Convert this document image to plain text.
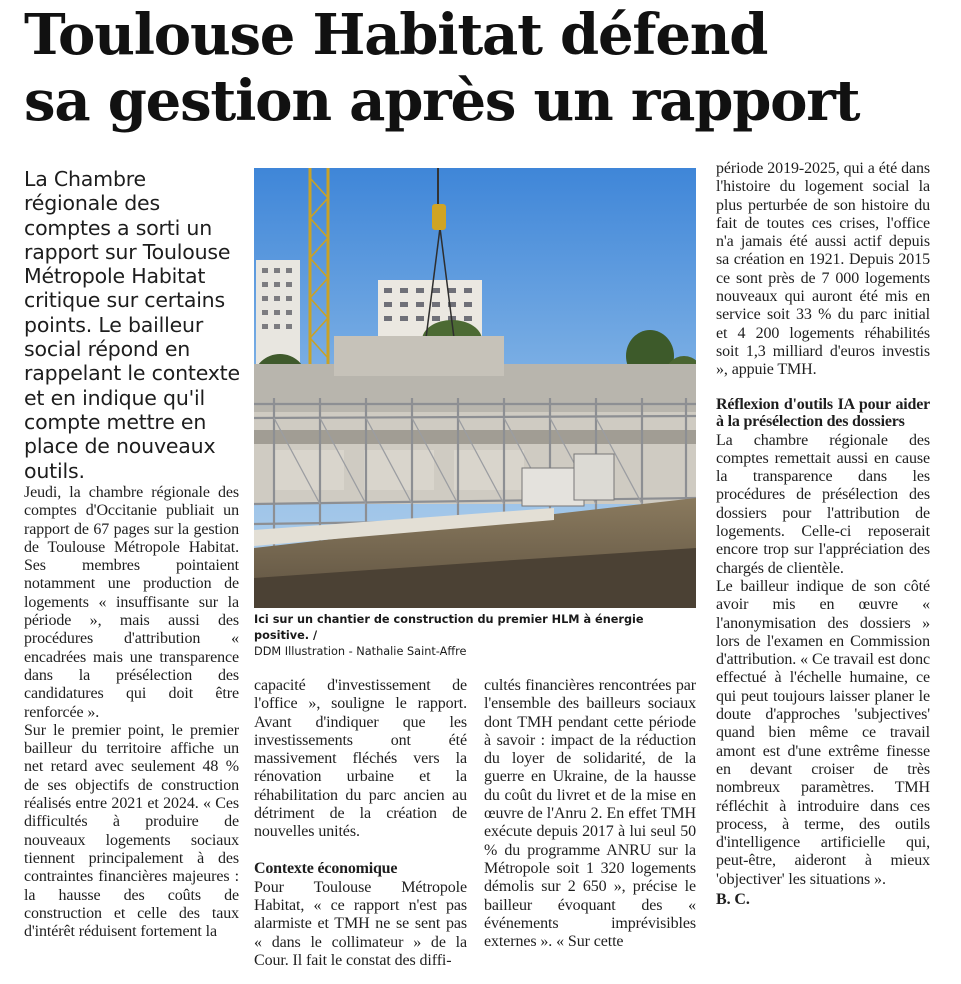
Toulouse Habitat défend
sa gestion après un rapport

La Chambre régionale des comptes a sorti un rapport sur Toulouse Métropole Habitat critique sur certains points. Le bailleur social répond en rappelant le contexte et en indique qu'il compte mettre en place de nouveaux outils.

Ici sur un chantier de construction du premier HLM à énergie positive. /
DDM Illustration - Nathalie Saint-Affre

Jeudi, la chambre régionale des comptes d'Occitanie publiait un rapport de 67 pages sur la gestion de Toulouse Métropole Habitat. Ses membres pointaient notamment une production de logements « insuffisante sur la période », mais aussi des procédures d'attribution « encadrées mais une transparence dans la présélection des candidatures qui doit être renforcée ».

Sur le premier point, le premier bailleur du territoire affiche un net retard avec seulement 48 % de ses objectifs de construction réalisés entre 2021 et 2024. « Ces difficultés à produire de nouveaux logements sociaux tiennent principalement à des contraintes financières majeures : la hausse des coûts de construction et celle des taux d'intérêt réduisent fortement la

capacité d'investissement de l'office », souligne le rapport. Avant d'indiquer que les investissements ont été massivement fléchés vers la rénovation urbaine et la réhabilitation du parc ancien au détriment de la création de nouvelles unités.

Contexte économique

Pour Toulouse Métropole Habitat, « ce rapport n'est pas alarmiste et TMH ne se sent pas « dans le collimateur » de la Cour. Il fait le constat des diffi-

cultés financières rencontrées par l'ensemble des bailleurs sociaux dont TMH pendant cette période à savoir : impact de la réduction du loyer de solidarité, de la guerre en Ukraine, de la hausse du coût du livret et de la mise en œuvre de l'Anru 2. En effet TMH exécute depuis 2017 à lui seul 50 % du programme ANRU sur la Métropole soit 1 320 logements démolis sur 2 650 », précise le bailleur évoquant des « événements imprévisibles externes ». « Sur cette

période 2019-2025, qui a été dans l'histoire du logement social la plus perturbée de son histoire du fait de toutes ces crises, l'office n'a jamais été aussi actif depuis sa création en 1921. Depuis 2015 ce sont près de 7 000 logements nouveaux qui auront été mis en service soit 33 % du parc initial et 4 200 logements réhabilités soit 1,3 milliard d'euros investis », appuie TMH.

Réflexion d'outils IA pour aider à la présélection des dossiers

La chambre régionale des comptes remettait aussi en cause la transparence dans les procédures de présélection des dossiers pour l'attribution de logements. Celle-ci reposerait encore trop sur l'appréciation des chargés de clientèle.

Le bailleur indique de son côté avoir mis en œuvre « l'anonymisation des dossiers » lors de l'examen en Commission d'attribution. « Ce travail est donc effectué à l'échelle humaine, ce qui peut toujours laisser planer le doute d'approches 'subjectives' quand bien même ce travail amont est d'une extrême finesse en devant croiser de très nombreux paramètres. TMH réfléchit à introduire dans ces process, à terme, des outils d'intelligence artificielle qui, peut-être, aideront à mieux 'objectiver' les situations ».

B. C.
